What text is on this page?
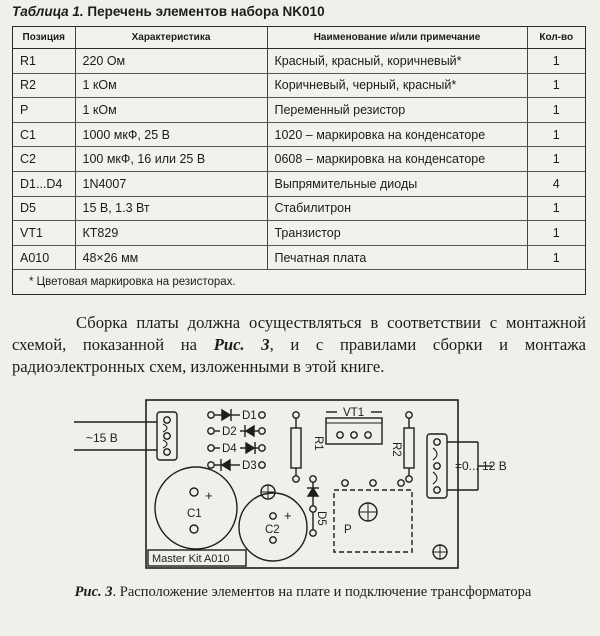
Таблица 1. Перечень элементов набора NK010
Позиция	Характеристика	Наименование и/или примечание	Кол-во
R1	220 Ом	Красный, красный, коричневый*	1
R2	1 кОм	Коричневый, черный, красный*	1
P	1 кОм	Переменный резистор	1
C1	1000 мкФ, 25 В	1020 – маркировка на конденсаторе	1
C2	100 мкФ, 16 или 25 В	0608 – маркировка на конденсаторе	1
D1...D4	1N4007	Выпрямительные диоды	4
D5	15 В, 1.3 Вт	Стабилитрон	1
VT1	КТ829	Транзистор	1
A010	48×26 мм	Печатная плата	1
* Цветовая маркировка на резисторах.
Сборка платы должна осуществляться в соответствии с монтажной схемой, показанной на Рис. 3, и с правилами сборки и монтажа радиоэлектронных схем, изложенными в этой книге.
~15 В
D1
D2
D4
D3
VT1
R1	R2
=0... 12 В
+
C1	+
C2
D5
P
Master Kit A010
Рис. 3. Расположение элементов на плате и подключение трансформатора
